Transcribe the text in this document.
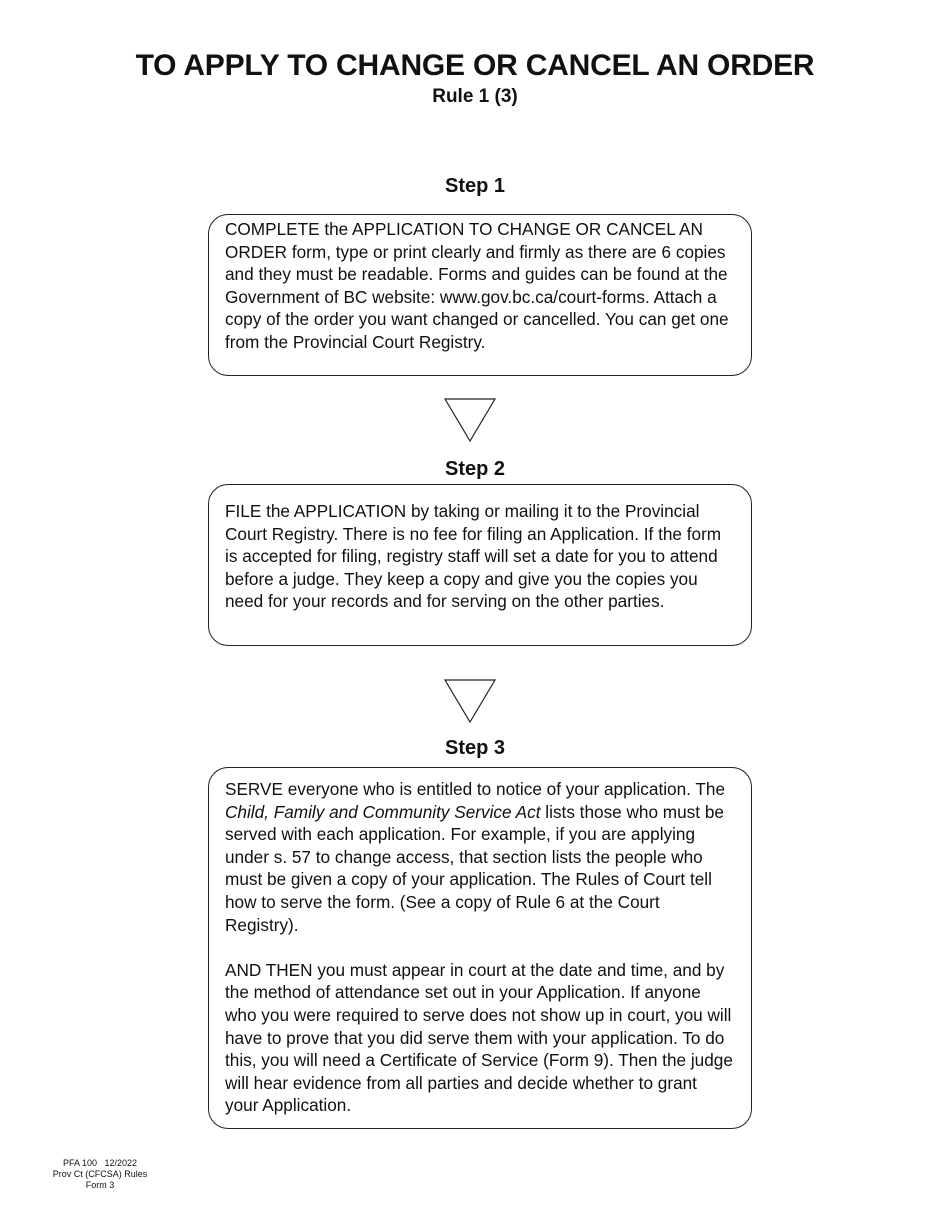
TO APPLY TO CHANGE OR CANCEL AN ORDER
Rule 1 (3)
Step 1

COMPLETE the APPLICATION TO CHANGE OR CANCEL AN ORDER form, type or print clearly and firmly as there are 6 copies and they must be readable. Forms and guides can be found at the Government of BC website: www.gov.bc.ca/court-forms. Attach a copy of the order you want changed or cancelled. You can get one from the Provincial Court Registry.

Step 2

FILE the APPLICATION by taking or mailing it to the Provincial Court Registry. There is no fee for filing an Application. If the form is accepted for filing, registry staff will set a date for you to attend before a judge. They keep a copy and give you the copies you need for your records and for serving on the other parties.

Step 3

SERVE everyone who is entitled to notice of your application. The Child, Family and Community Service Act lists those who must be served with each application. For example, if you are applying under s. 57 to change access, that section lists the people who must be given a copy of your application. The Rules of Court tell how to serve the form. (See a copy of Rule 6 at the Court Registry).

AND THEN you must appear in court at the date and time, and by the method of attendance set out in your Application. If anyone who you were required to serve does not show up in court, you will have to prove that you did serve them with your application. To do this, you will need a Certificate of Service (Form 9). Then the judge will hear evidence from all parties and decide whether to grant your Application.

PFA 100   12/2022
Prov Ct (CFCSA) Rules
Form 3
